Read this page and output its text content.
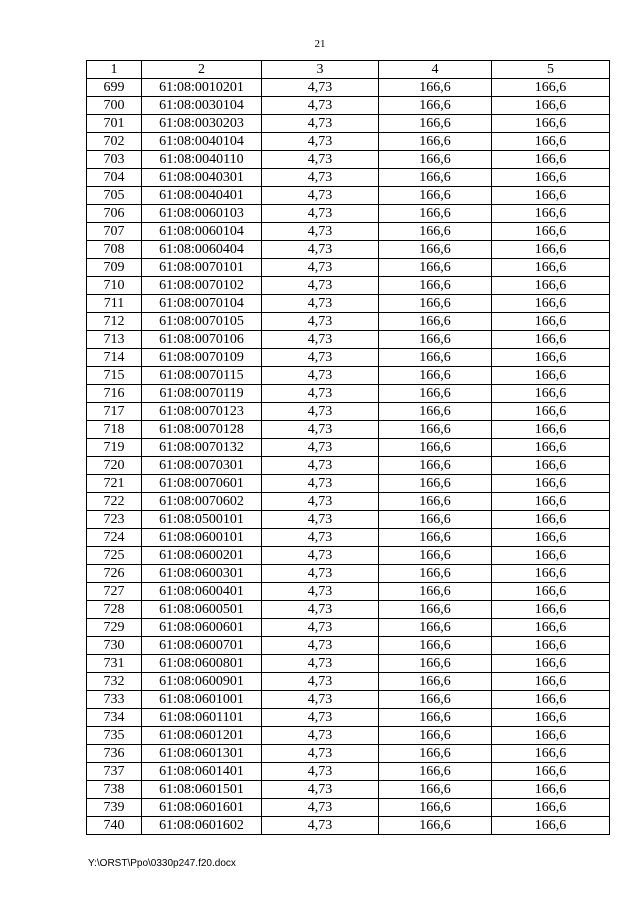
21
1	2	3	4	5
699	61:08:0010201	4,73	166,6	166,6
700	61:08:0030104	4,73	166,6	166,6
701	61:08:0030203	4,73	166,6	166,6
702	61:08:0040104	4,73	166,6	166,6
703	61:08:0040110	4,73	166,6	166,6
704	61:08:0040301	4,73	166,6	166,6
705	61:08:0040401	4,73	166,6	166,6
706	61:08:0060103	4,73	166,6	166,6
707	61:08:0060104	4,73	166,6	166,6
708	61:08:0060404	4,73	166,6	166,6
709	61:08:0070101	4,73	166,6	166,6
710	61:08:0070102	4,73	166,6	166,6
711	61:08:0070104	4,73	166,6	166,6
712	61:08:0070105	4,73	166,6	166,6
713	61:08:0070106	4,73	166,6	166,6
714	61:08:0070109	4,73	166,6	166,6
715	61:08:0070115	4,73	166,6	166,6
716	61:08:0070119	4,73	166,6	166,6
717	61:08:0070123	4,73	166,6	166,6
718	61:08:0070128	4,73	166,6	166,6
719	61:08:0070132	4,73	166,6	166,6
720	61:08:0070301	4,73	166,6	166,6
721	61:08:0070601	4,73	166,6	166,6
722	61:08:0070602	4,73	166,6	166,6
723	61:08:0500101	4,73	166,6	166,6
724	61:08:0600101	4,73	166,6	166,6
725	61:08:0600201	4,73	166,6	166,6
726	61:08:0600301	4,73	166,6	166,6
727	61:08:0600401	4,73	166,6	166,6
728	61:08:0600501	4,73	166,6	166,6
729	61:08:0600601	4,73	166,6	166,6
730	61:08:0600701	4,73	166,6	166,6
731	61:08:0600801	4,73	166,6	166,6
732	61:08:0600901	4,73	166,6	166,6
733	61:08:0601001	4,73	166,6	166,6
734	61:08:0601101	4,73	166,6	166,6
735	61:08:0601201	4,73	166,6	166,6
736	61:08:0601301	4,73	166,6	166,6
737	61:08:0601401	4,73	166,6	166,6
738	61:08:0601501	4,73	166,6	166,6
739	61:08:0601601	4,73	166,6	166,6
740	61:08:0601602	4,73	166,6	166,6
Y:\ORST\Ppo\0330p247.f20.docx
